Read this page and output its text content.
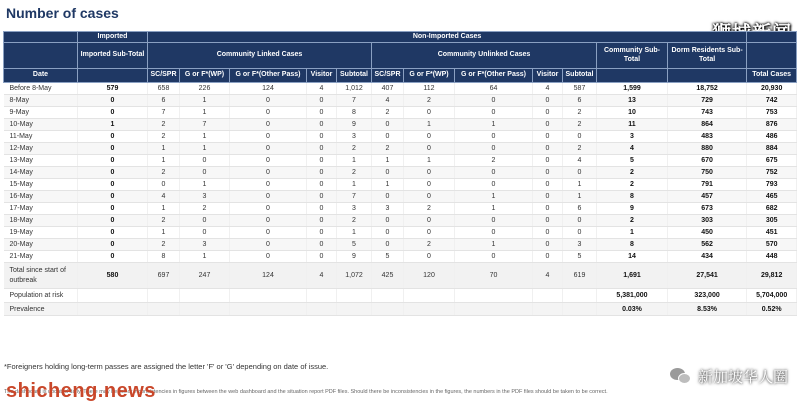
Number of cases
	Imported	Non-Imported Cases												
	Imported Sub-Total	Community Linked Cases					Community Unlinked Cases					Community Sub-Total	Dorm Residents Sub-Total	
Date		SC/SPR	G or F*(WP)	G or F*(Other Pass)	Visitor	Subtotal	SC/SPR	G or F*(WP)	G or F*(Other Pass)	Visitor	Subtotal			Total Cases
Before 8-May	579	658	226	124	4	1,012	407	112	64	4	587	1,599	18,752	20,930
8-May	0	6	1	0	0	7	4	2	0	0	6	13	729	742
9-May	0	7	1	0	0	8	2	0	0	0	2	10	743	753
10-May	1	2	7	0	0	9	0	1	1	0	2	11	864	876
11-May	0	2	1	0	0	3	0	0	0	0	0	3	483	486
12-May	0	1	1	0	0	2	2	0	0	0	2	4	880	884
13-May	0	1	0	0	0	1	1	1	2	0	4	5	670	675
14-May	0	2	0	0	0	2	0	0	0	0	0	2	750	752
15-May	0	0	1	0	0	1	1	0	0	0	1	2	791	793
16-May	0	4	3	0	0	7	0	0	1	0	1	8	457	465
17-May	0	1	2	0	0	3	3	2	1	0	6	9	673	682
18-May	0	2	0	0	0	2	0	0	0	0	0	2	303	305
19-May	0	1	0	0	0	1	0	0	0	0	0	1	450	451
20-May	0	2	3	0	0	5	0	2	1	0	3	8	562	570
21-May	0	8	1	0	0	9	5	0	0	0	5	14	434	448
Total since start of outbreak	580	697	247	124	4	1,072	425	120	70	4	619	1,691	27,541	29,812
Population at risk												5,381,000	323,000	5,704,000
Prevalence												0.03%	8.53%	0.52%
*Foreigners holding long-term passes are assigned the letter 'F' or 'G' depending on date of issue.
The dashboard is updated daily. There may be minor inconsistencies in figures between the web dashboard and the situation report PDF files. Should there be inconsistencies in the figures, the numbers in the PDF files should be taken to be correct.
shicheng.news
新加坡华人圈
